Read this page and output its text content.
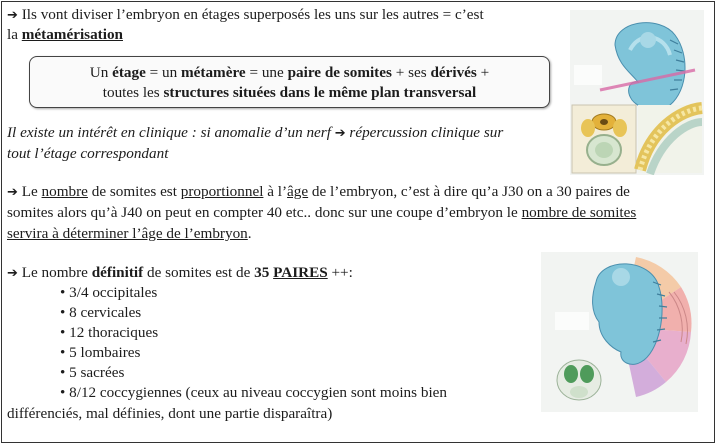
➔ Ils vont diviser l’embryon en étages superposés les uns sur les autres = c’est
la métamérisation
Un étage = un métamère = une paire de somites + ses dérivés +
toutes les structures situées dans le même plan transversal
Il existe un intérêt en clinique : si anomalie d’un nerf ➔ répercussion clinique sur
tout l’étage correspondant
➔ Le nombre de somites est proportionnel à l’âge de l’embryon, c’est à dire qu’a J30 on a 30 paires de
somites alors qu’à J40 on peut en compter 40 etc.. donc sur une coupe d’embryon le nombre de somites
servira à déterminer l’âge de l’embryon.
➔ Le nombre définitif de somites est de 35 PAIRES ++:
• 3/4 occipitales
• 8 cervicales
• 12 thoraciques
• 5 lombaires
• 5 sacrées
• 8/12 coccygiennes (ceux au niveau coccygien sont moins bien
différenciés, mal définies, dont une partie disparaîtra)
